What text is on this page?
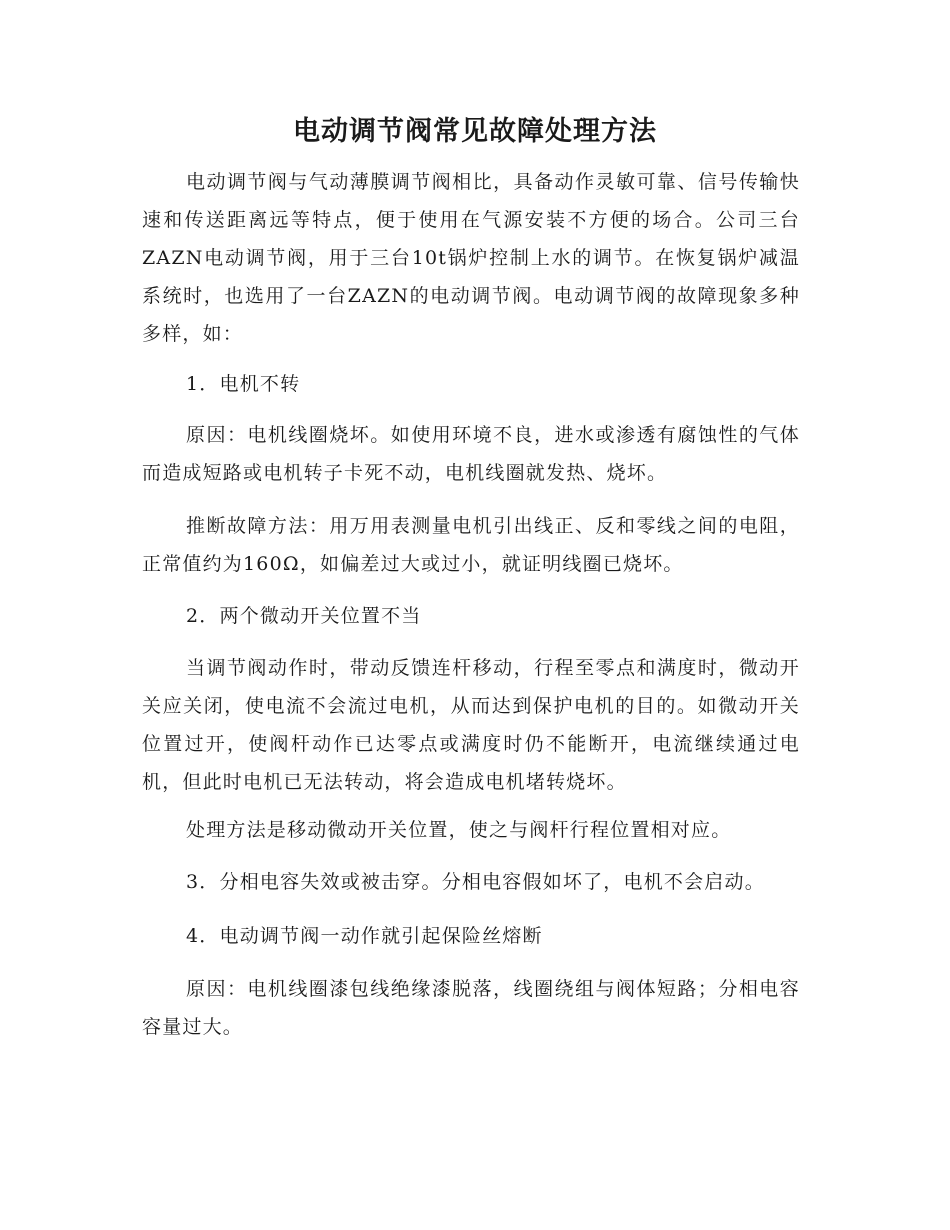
电动调节阀常见故障处理方法

电动调节阀与气动薄膜调节阀相比，具备动作灵敏可靠、信号传输快速和传送距离远等特点，便于使用在气源安装不方便的场合。公司三台ZAZN电动调节阀，用于三台10t锅炉控制上水的调节。在恢复锅炉减温系统时，也选用了一台ZAZN的电动调节阀。电动调节阀的故障现象多种多样，如：

1．电机不转

原因：电机线圈烧坏。如使用环境不良，进水或渗透有腐蚀性的气体而造成短路或电机转子卡死不动，电机线圈就发热、烧坏。

推断故障方法：用万用表测量电机引出线正、反和零线之间的电阻，正常值约为160Ω，如偏差过大或过小，就证明线圈已烧坏。

2．两个微动开关位置不当

当调节阀动作时，带动反馈连杆移动，行程至零点和满度时，微动开关应关闭，使电流不会流过电机，从而达到保护电机的目的。如微动开关位置过开，使阀杆动作已达零点或满度时仍不能断开，电流继续通过电机，但此时电机已无法转动，将会造成电机堵转烧坏。

处理方法是移动微动开关位置，使之与阀杆行程位置相对应。

3．分相电容失效或被击穿。分相电容假如坏了，电机不会启动。

4．电动调节阀一动作就引起保险丝熔断

原因：电机线圈漆包线绝缘漆脱落，线圈绕组与阀体短路；分相电容容量过大。
